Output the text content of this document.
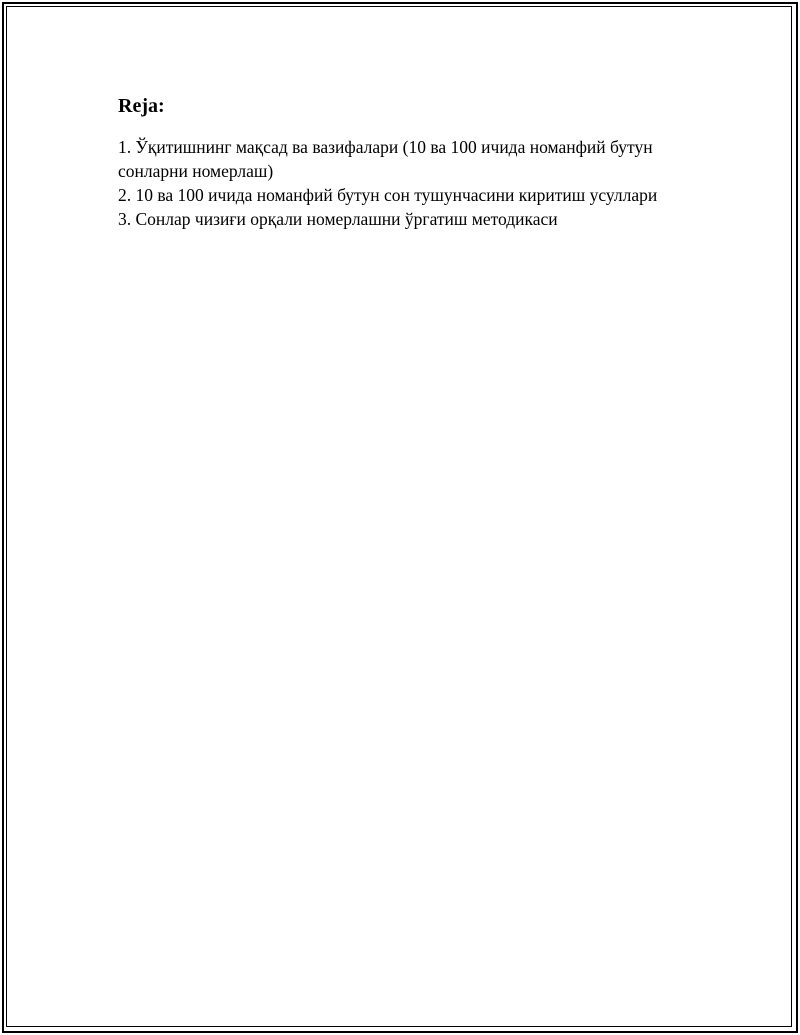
Reja:
1. Ўқитишнинг мақсад ва вазифалари (10 ва 100 ичида номанфий бутун сонларни номерлаш)
2. 10 ва 100 ичида номанфий бутун сон тушунчасини киритиш усуллари
3. Сонлар чизиғи орқали номерлашни ўргатиш методикаси
